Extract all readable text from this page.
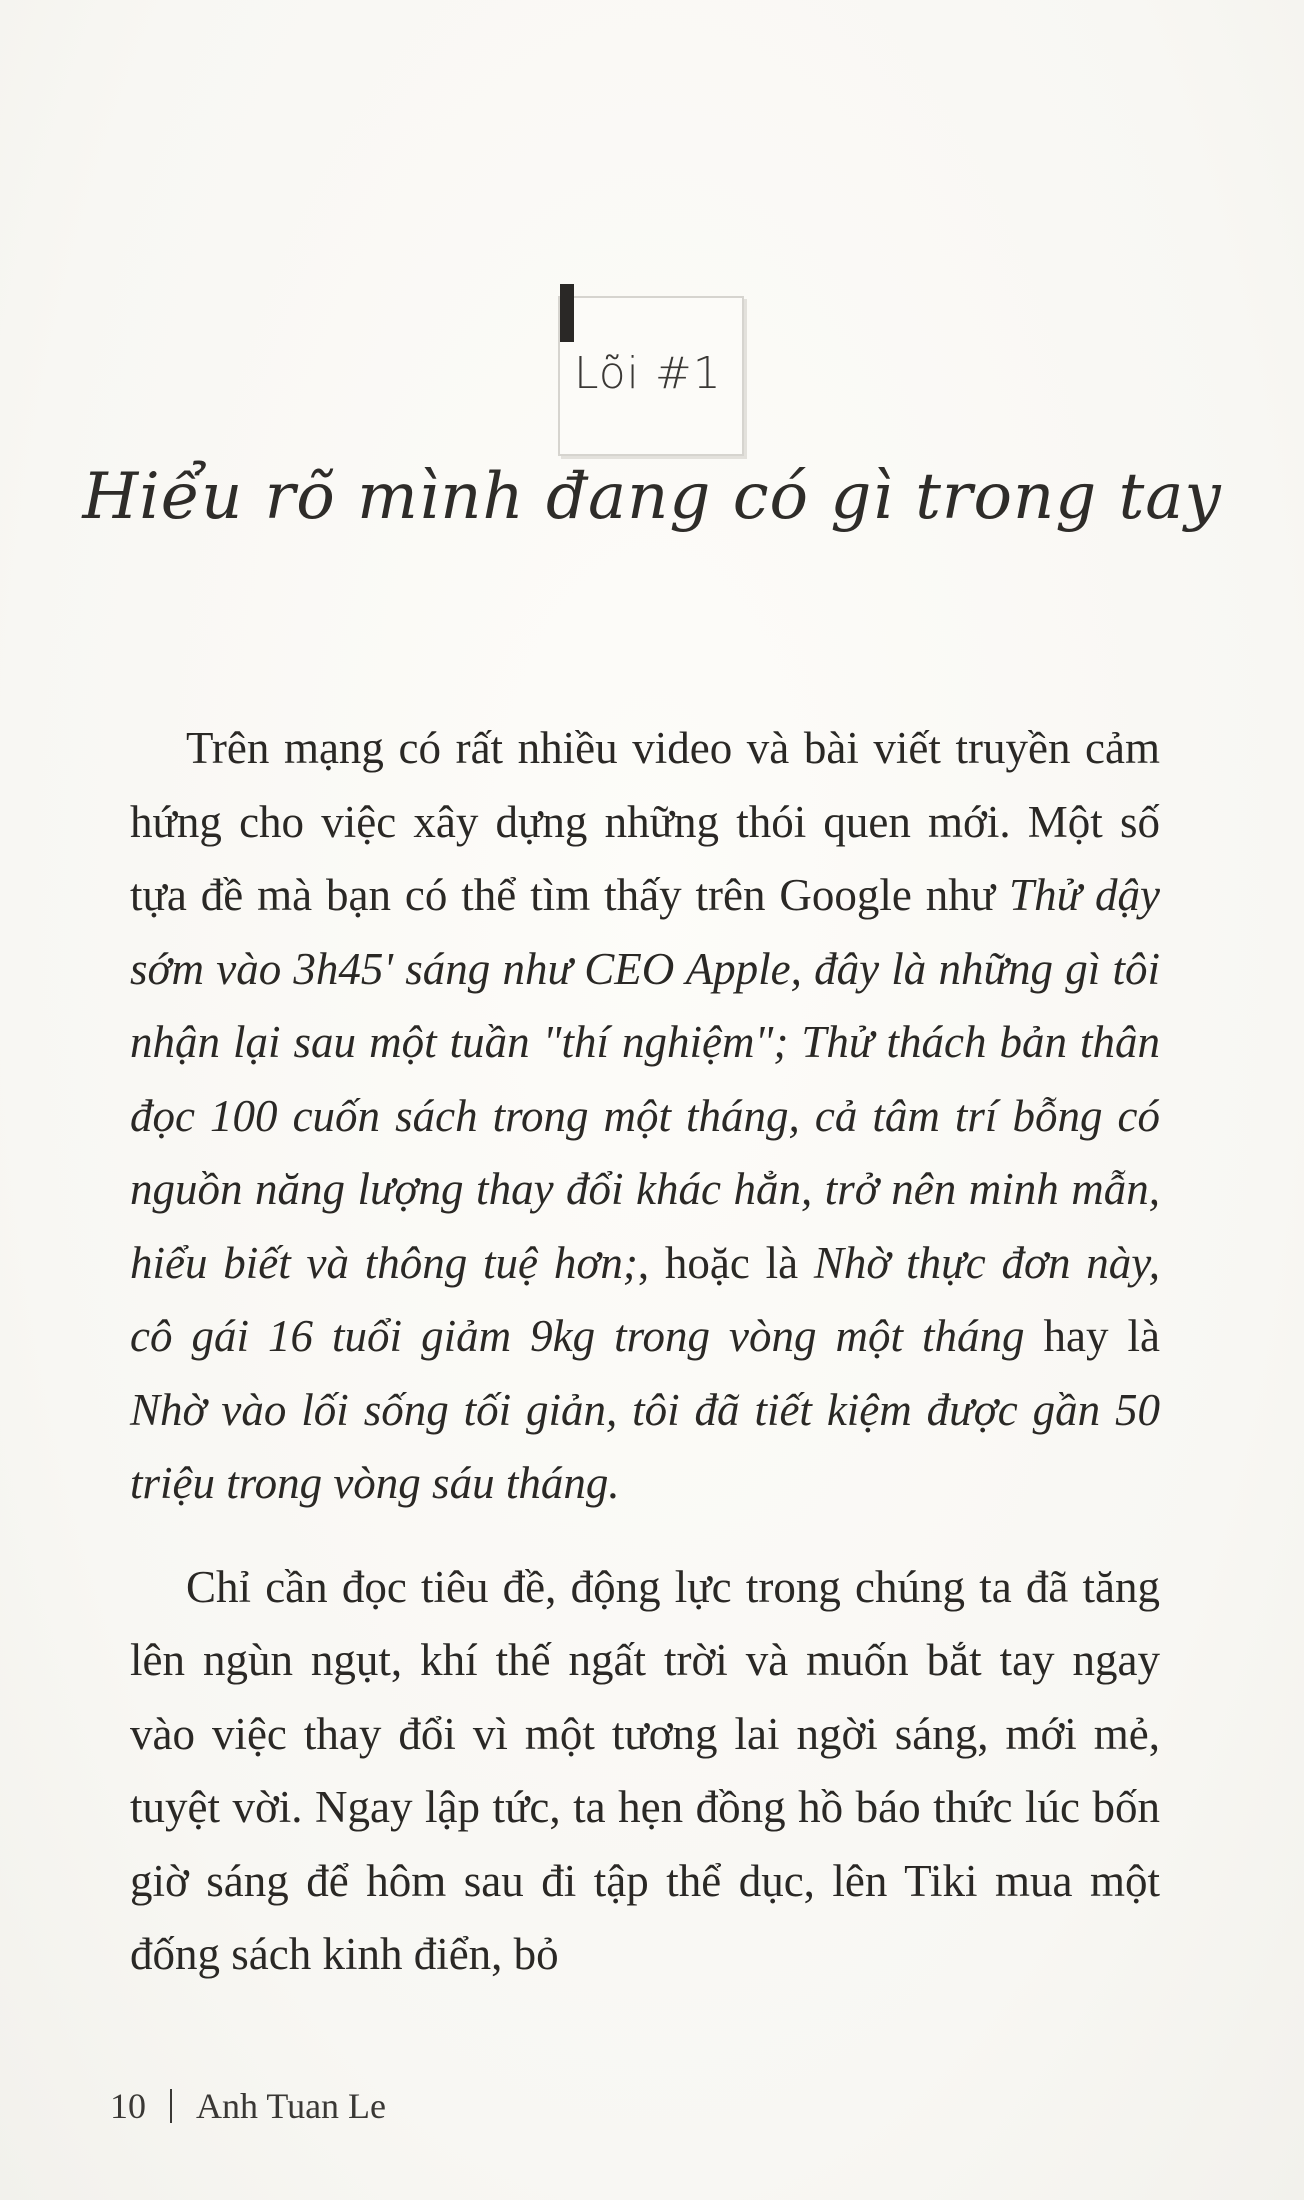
Lõi #1
Hiểu rõ mình đang có gì trong tay

Trên mạng có rất nhiều video và bài viết truyền cảm hứng cho việc xây dựng những thói quen mới. Một số tựa đề mà bạn có thể tìm thấy trên Google như Thử dậy sớm vào 3h45' sáng như CEO Apple, đây là những gì tôi nhận lại sau một tuần "thí nghiệm"; Thử thách bản thân đọc 100 cuốn sách trong một tháng, cả tâm trí bỗng có nguồn năng lượng thay đổi khác hẳn, trở nên minh mẫn, hiểu biết và thông tuệ hơn;, hoặc là Nhờ thực đơn này, cô gái 16 tuổi giảm 9kg trong vòng một tháng hay là Nhờ vào lối sống tối giản, tôi đã tiết kiệm được gần 50 triệu trong vòng sáu tháng.

Chỉ cần đọc tiêu đề, động lực trong chúng ta đã tăng lên ngùn ngụt, khí thế ngất trời và muốn bắt tay ngay vào việc thay đổi vì một tương lai ngời sáng, mới mẻ, tuyệt vời. Ngay lập tức, ta hẹn đồng hồ báo thức lúc bốn giờ sáng để hôm sau đi tập thể dục, lên Tiki mua một đống sách kinh điển, bỏ

10 Anh Tuan Le
